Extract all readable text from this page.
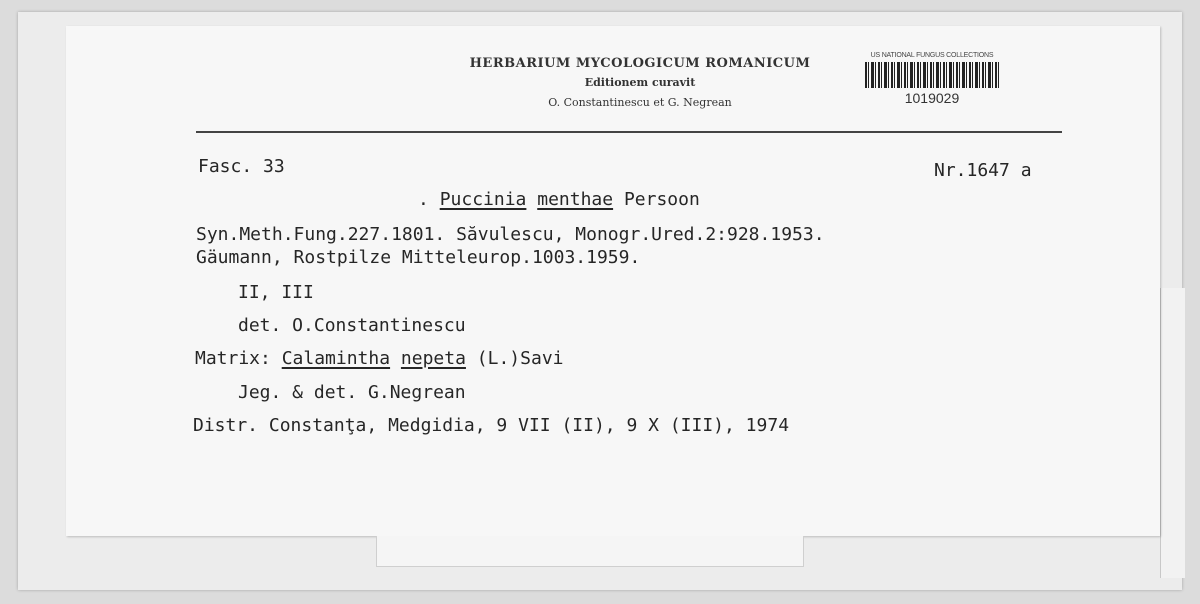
HERBARIUM MYCOLOGICUM ROMANICUM
Editionem curavit
O. Constantinescu et G. Negrean
US NATIONAL FUNGUS COLLECTIONS
1019029
Fasc. 33	Nr.1647 a
. Puccinia menthae Persoon
Syn.Meth.Fung.227.1801. Săvulescu, Monogr.Ured.2:928.1953.
Gäumann, Rostpilze Mitteleurop.1003.1959.
II, III
det. O.Constantinescu
Matrix: Calamintha nepeta (L.)Savi
Jeg. & det. G.Negrean
Distr. Constanţa, Medgidia, 9 VII (II), 9 X (III), 1974
